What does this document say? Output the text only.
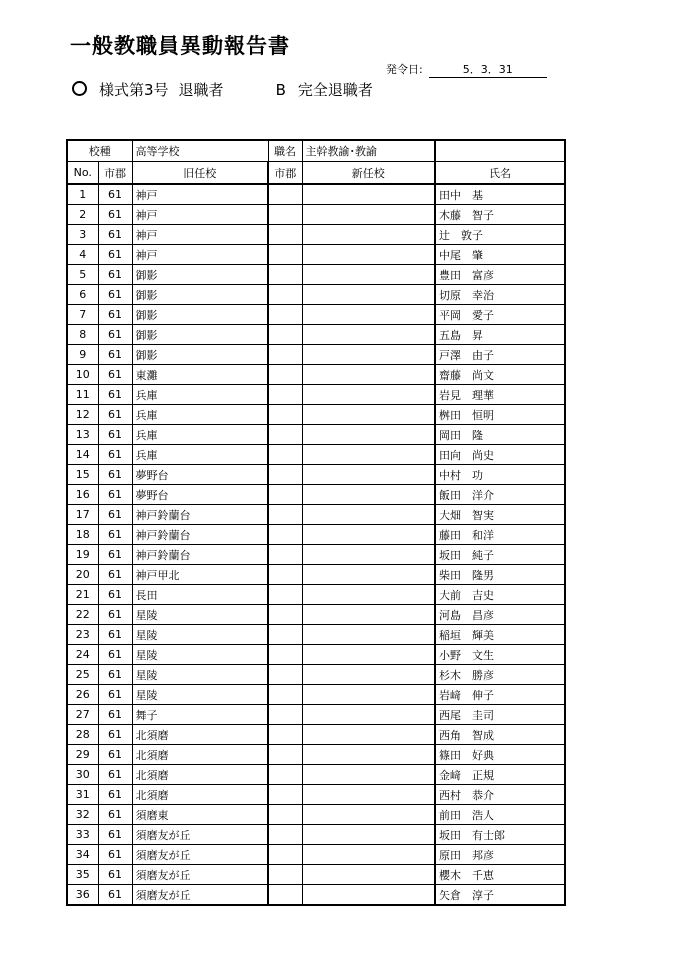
一般教職員異動報告書
発令日:	5．3．31
様式第3号 退職者	B 完全退職者
校種		高等学校	職名	主幹教諭･教諭	
No.	市郡	旧任校	市郡	新任校	氏名
1	61	神戸			田中　基
2	61	神戸			木藤　智子
3	61	神戸			辻　敦子
4	61	神戸			中尾　肇
5	61	御影			豊田　富彦
6	61	御影			切原　幸治
7	61	御影			平岡　愛子
8	61	御影			五島　昇
9	61	御影			戸澤　由子
10	61	東灘			齋藤　尚文
11	61	兵庫			岩見　理華
12	61	兵庫			桝田　恒明
13	61	兵庫			岡田　隆
14	61	兵庫			田向　尚史
15	61	夢野台			中村　功
16	61	夢野台			飯田　洋介
17	61	神戸鈴蘭台			大畑　智実
18	61	神戸鈴蘭台			藤田　和洋
19	61	神戸鈴蘭台			坂田　純子
20	61	神戸甲北			柴田　隆男
21	61	長田			大前　吉史
22	61	星陵			河島　昌彦
23	61	星陵			稲垣　輝美
24	61	星陵			小野　文生
25	61	星陵			杉木　勝彦
26	61	星陵			岩﨑　伸子
27	61	舞子			西尾　圭司
28	61	北須磨			西角　智成
29	61	北須磨			篠田　好典
30	61	北須磨			金﨑　正規
31	61	北須磨			西村　恭介
32	61	須磨東			前田　浩人
33	61	須磨友が丘			坂田　有士郎
34	61	須磨友が丘			原田　邦彦
35	61	須磨友が丘			櫻木　千恵
36	61	須磨友が丘			矢倉　淳子
